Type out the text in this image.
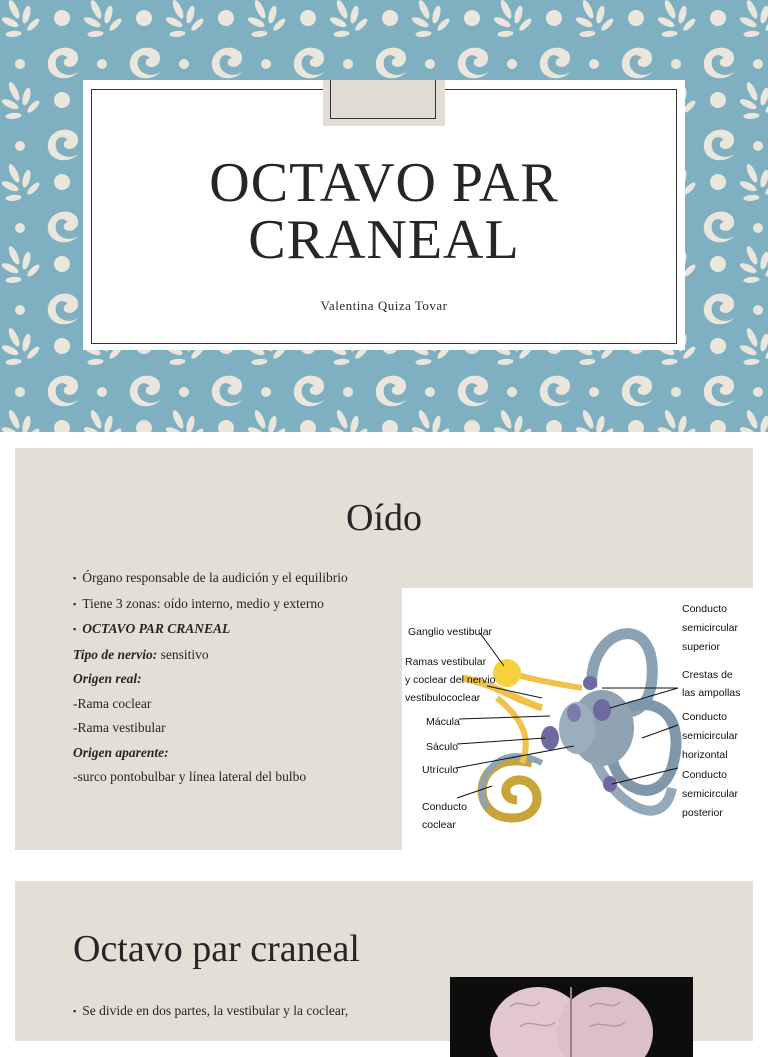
OCTAVO PAR
CRANEAL
Valentina Quiza Tovar
Oído
▪ Órgano responsable de la audición y el equilibrio
▪ Tiene 3 zonas: oído interno, medio y externo
▪ OCTAVO PAR CRANEAL
Tipo de nervio: sensitivo
Origen real:
-Rama coclear
-Rama vestibular
Origen aparente:
-surco pontobulbar y línea lateral del bulbo
Ganglio vestibular
Ramas vestibular
y coclear del nervio
vestibulococlear
Mácula
Sáculo
Utrículo
Conducto
coclear
Conducto
semicircular
superior
Crestas de
las ampollas
Conducto
semicircular
horizontal
Conducto
semicircular
posterior
Octavo par craneal
▪ Se divide en dos partes, la vestibular y la coclear,
